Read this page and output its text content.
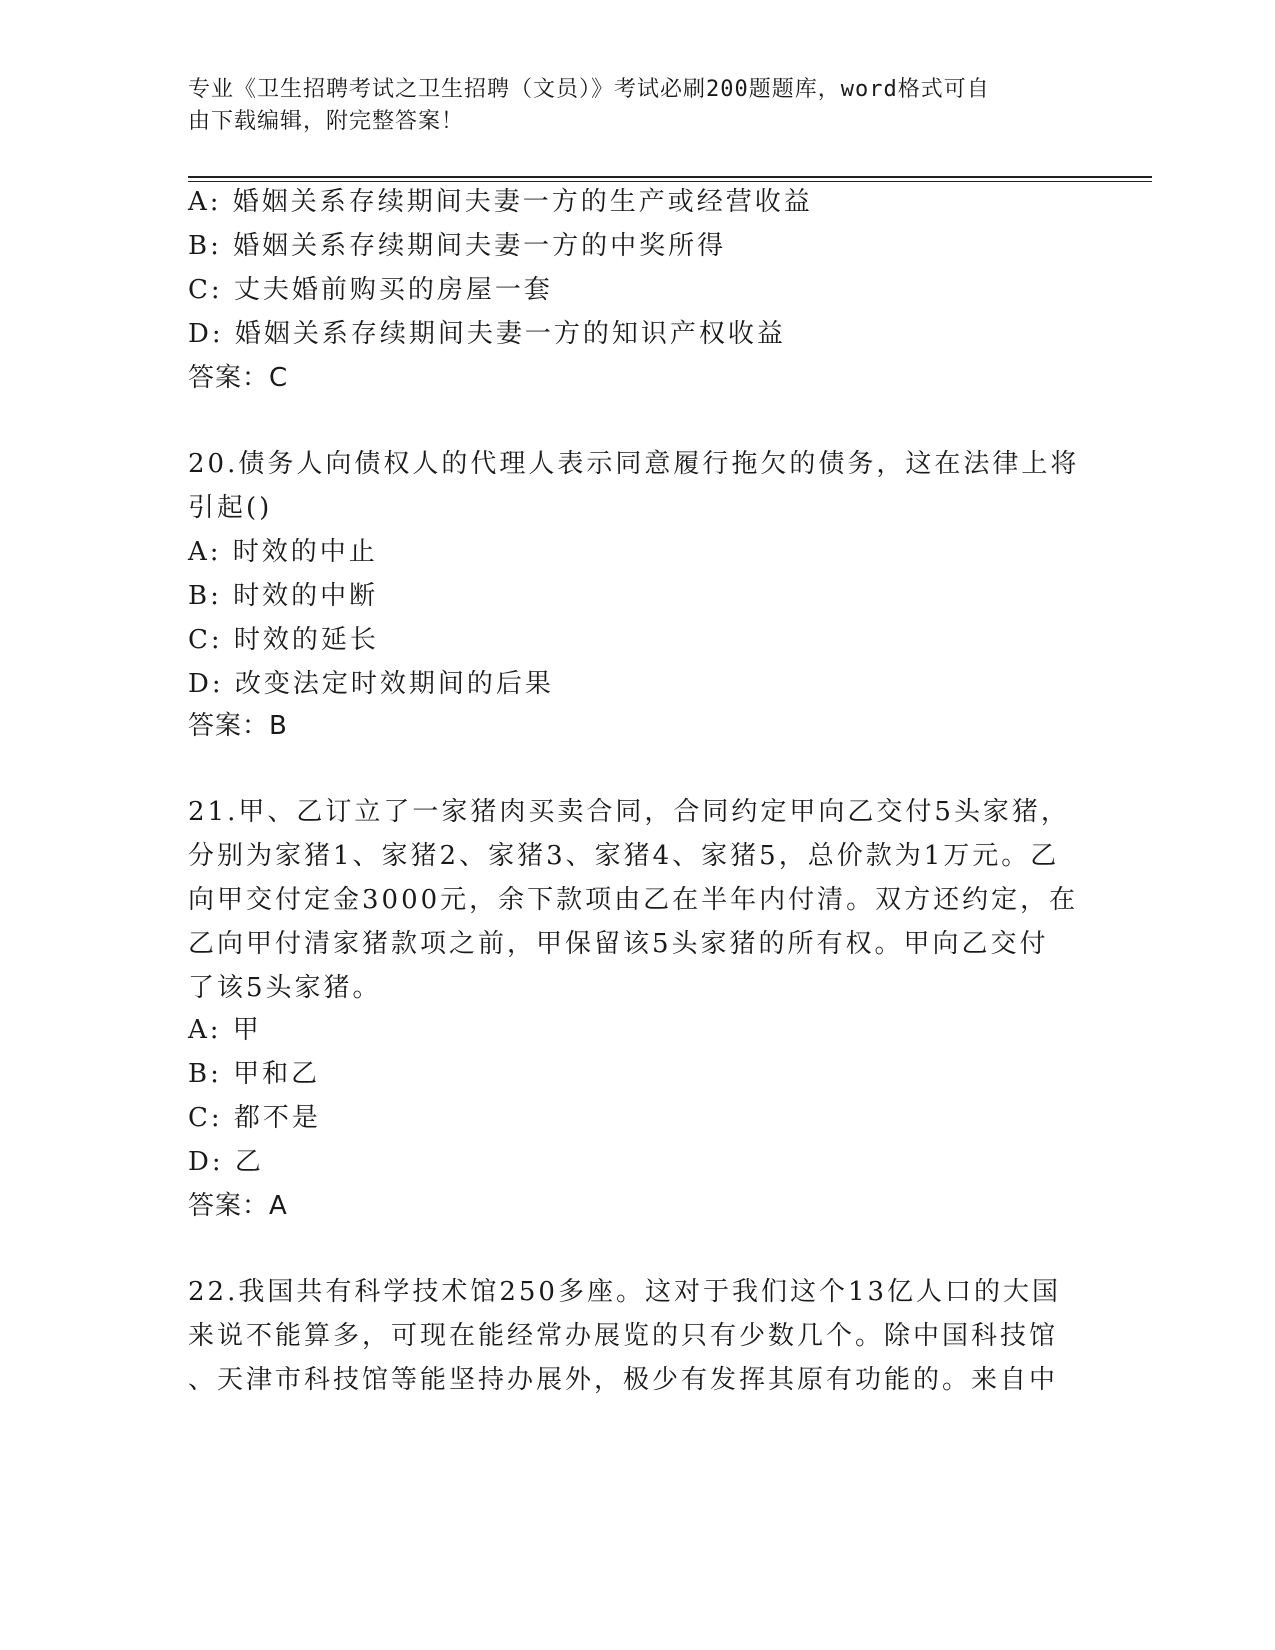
专业《卫生招聘考试之卫生招聘（文员）》考试必刷200题题库，word格式可自
由下载编辑，附完整答案！
A: 婚姻关系存续期间夫妻一方的生产或经营收益
B: 婚姻关系存续期间夫妻一方的中奖所得
C: 丈夫婚前购买的房屋一套
D: 婚姻关系存续期间夫妻一方的知识产权收益
答案：C
20.债务人向债权人的代理人表示同意履行拖欠的债务，这在法律上将
引起()
A: 时效的中止
B: 时效的中断
C: 时效的延长
D: 改变法定时效期间的后果
答案：B
21.甲、乙订立了一家猪肉买卖合同，合同约定甲向乙交付5头家猪，
分别为家猪1、家猪2、家猪3、家猪4、家猪5，总价款为1万元。乙
向甲交付定金3000元，余下款项由乙在半年内付清。双方还约定，在
乙向甲付清家猪款项之前，甲保留该5头家猪的所有权。甲向乙交付
了该5头家猪。
A: 甲
B: 甲和乙
C: 都不是
D: 乙
答案：A
22.我国共有科学技术馆250多座。这对于我们这个13亿人口的大国
来说不能算多，可现在能经常办展览的只有少数几个。除中国科技馆
、天津市科技馆等能坚持办展外，极少有发挥其原有功能的。来自中
